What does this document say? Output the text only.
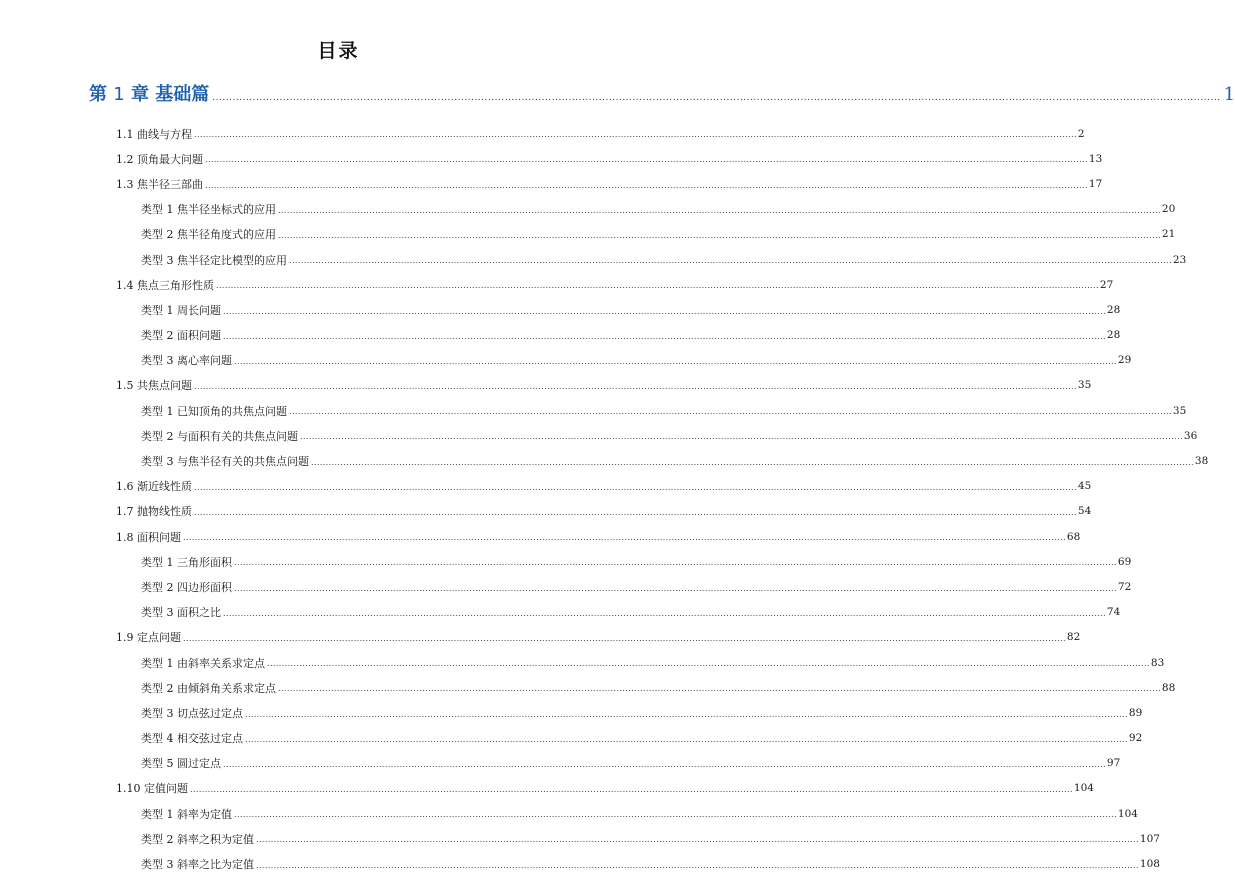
目录
第 1 章 基础篇 ............................................................................................................................................................................................................................................................................................................ 1
1.1 曲线与方程 ............................................................................................................................................................................................................................................................................................................ 2
1.2 顶角最大问题 ............................................................................................................................................................................................................................................................................................................ 13
1.3 焦半径三部曲 ............................................................................................................................................................................................................................................................................................................ 17
类型 1 焦半径坐标式的应用 ............................................................................................................................................................................................................................................................................................................ 20
类型 2 焦半径角度式的应用 ............................................................................................................................................................................................................................................................................................................ 21
类型 3 焦半径定比模型的应用 ............................................................................................................................................................................................................................................................................................................ 23
1.4 焦点三角形性质 ............................................................................................................................................................................................................................................................................................................ 27
类型 1 周长问题 ............................................................................................................................................................................................................................................................................................................ 28
类型 2 面积问题 ............................................................................................................................................................................................................................................................................................................ 28
类型 3 离心率问题 ............................................................................................................................................................................................................................................................................................................ 29
1.5 共焦点问题 ............................................................................................................................................................................................................................................................................................................ 35
类型 1 已知顶角的共焦点问题 ............................................................................................................................................................................................................................................................................................................ 35
类型 2 与面积有关的共焦点问题 ............................................................................................................................................................................................................................................................................................................ 36
类型 3 与焦半径有关的共焦点问题 ............................................................................................................................................................................................................................................................................................................ 38
1.6 渐近线性质 ............................................................................................................................................................................................................................................................................................................ 45
1.7 抛物线性质 ............................................................................................................................................................................................................................................................................................................ 54
1.8 面积问题 ............................................................................................................................................................................................................................................................................................................ 68
类型 1 三角形面积 ............................................................................................................................................................................................................................................................................................................ 69
类型 2 四边形面积 ............................................................................................................................................................................................................................................................................................................ 72
类型 3 面积之比 ............................................................................................................................................................................................................................................................................................................ 74
1.9 定点问题 ............................................................................................................................................................................................................................................................................................................ 82
类型 1 由斜率关系求定点 ............................................................................................................................................................................................................................................................................................................ 83
类型 2 由倾斜角关系求定点 ............................................................................................................................................................................................................................................................................................................ 88
类型 3 切点弦过定点 ............................................................................................................................................................................................................................................................................................................ 89
类型 4 相交弦过定点 ............................................................................................................................................................................................................................................................................................................ 92
类型 5 圆过定点 ............................................................................................................................................................................................................................................................................................................ 97
1.10 定值问题 ............................................................................................................................................................................................................................................................................................................ 104
类型 1 斜率为定值 ............................................................................................................................................................................................................................................................................................................ 104
类型 2 斜率之积为定值 ............................................................................................................................................................................................................................................................................................................ 107
类型 3 斜率之比为定值 ............................................................................................................................................................................................................................................................................................................ 108
